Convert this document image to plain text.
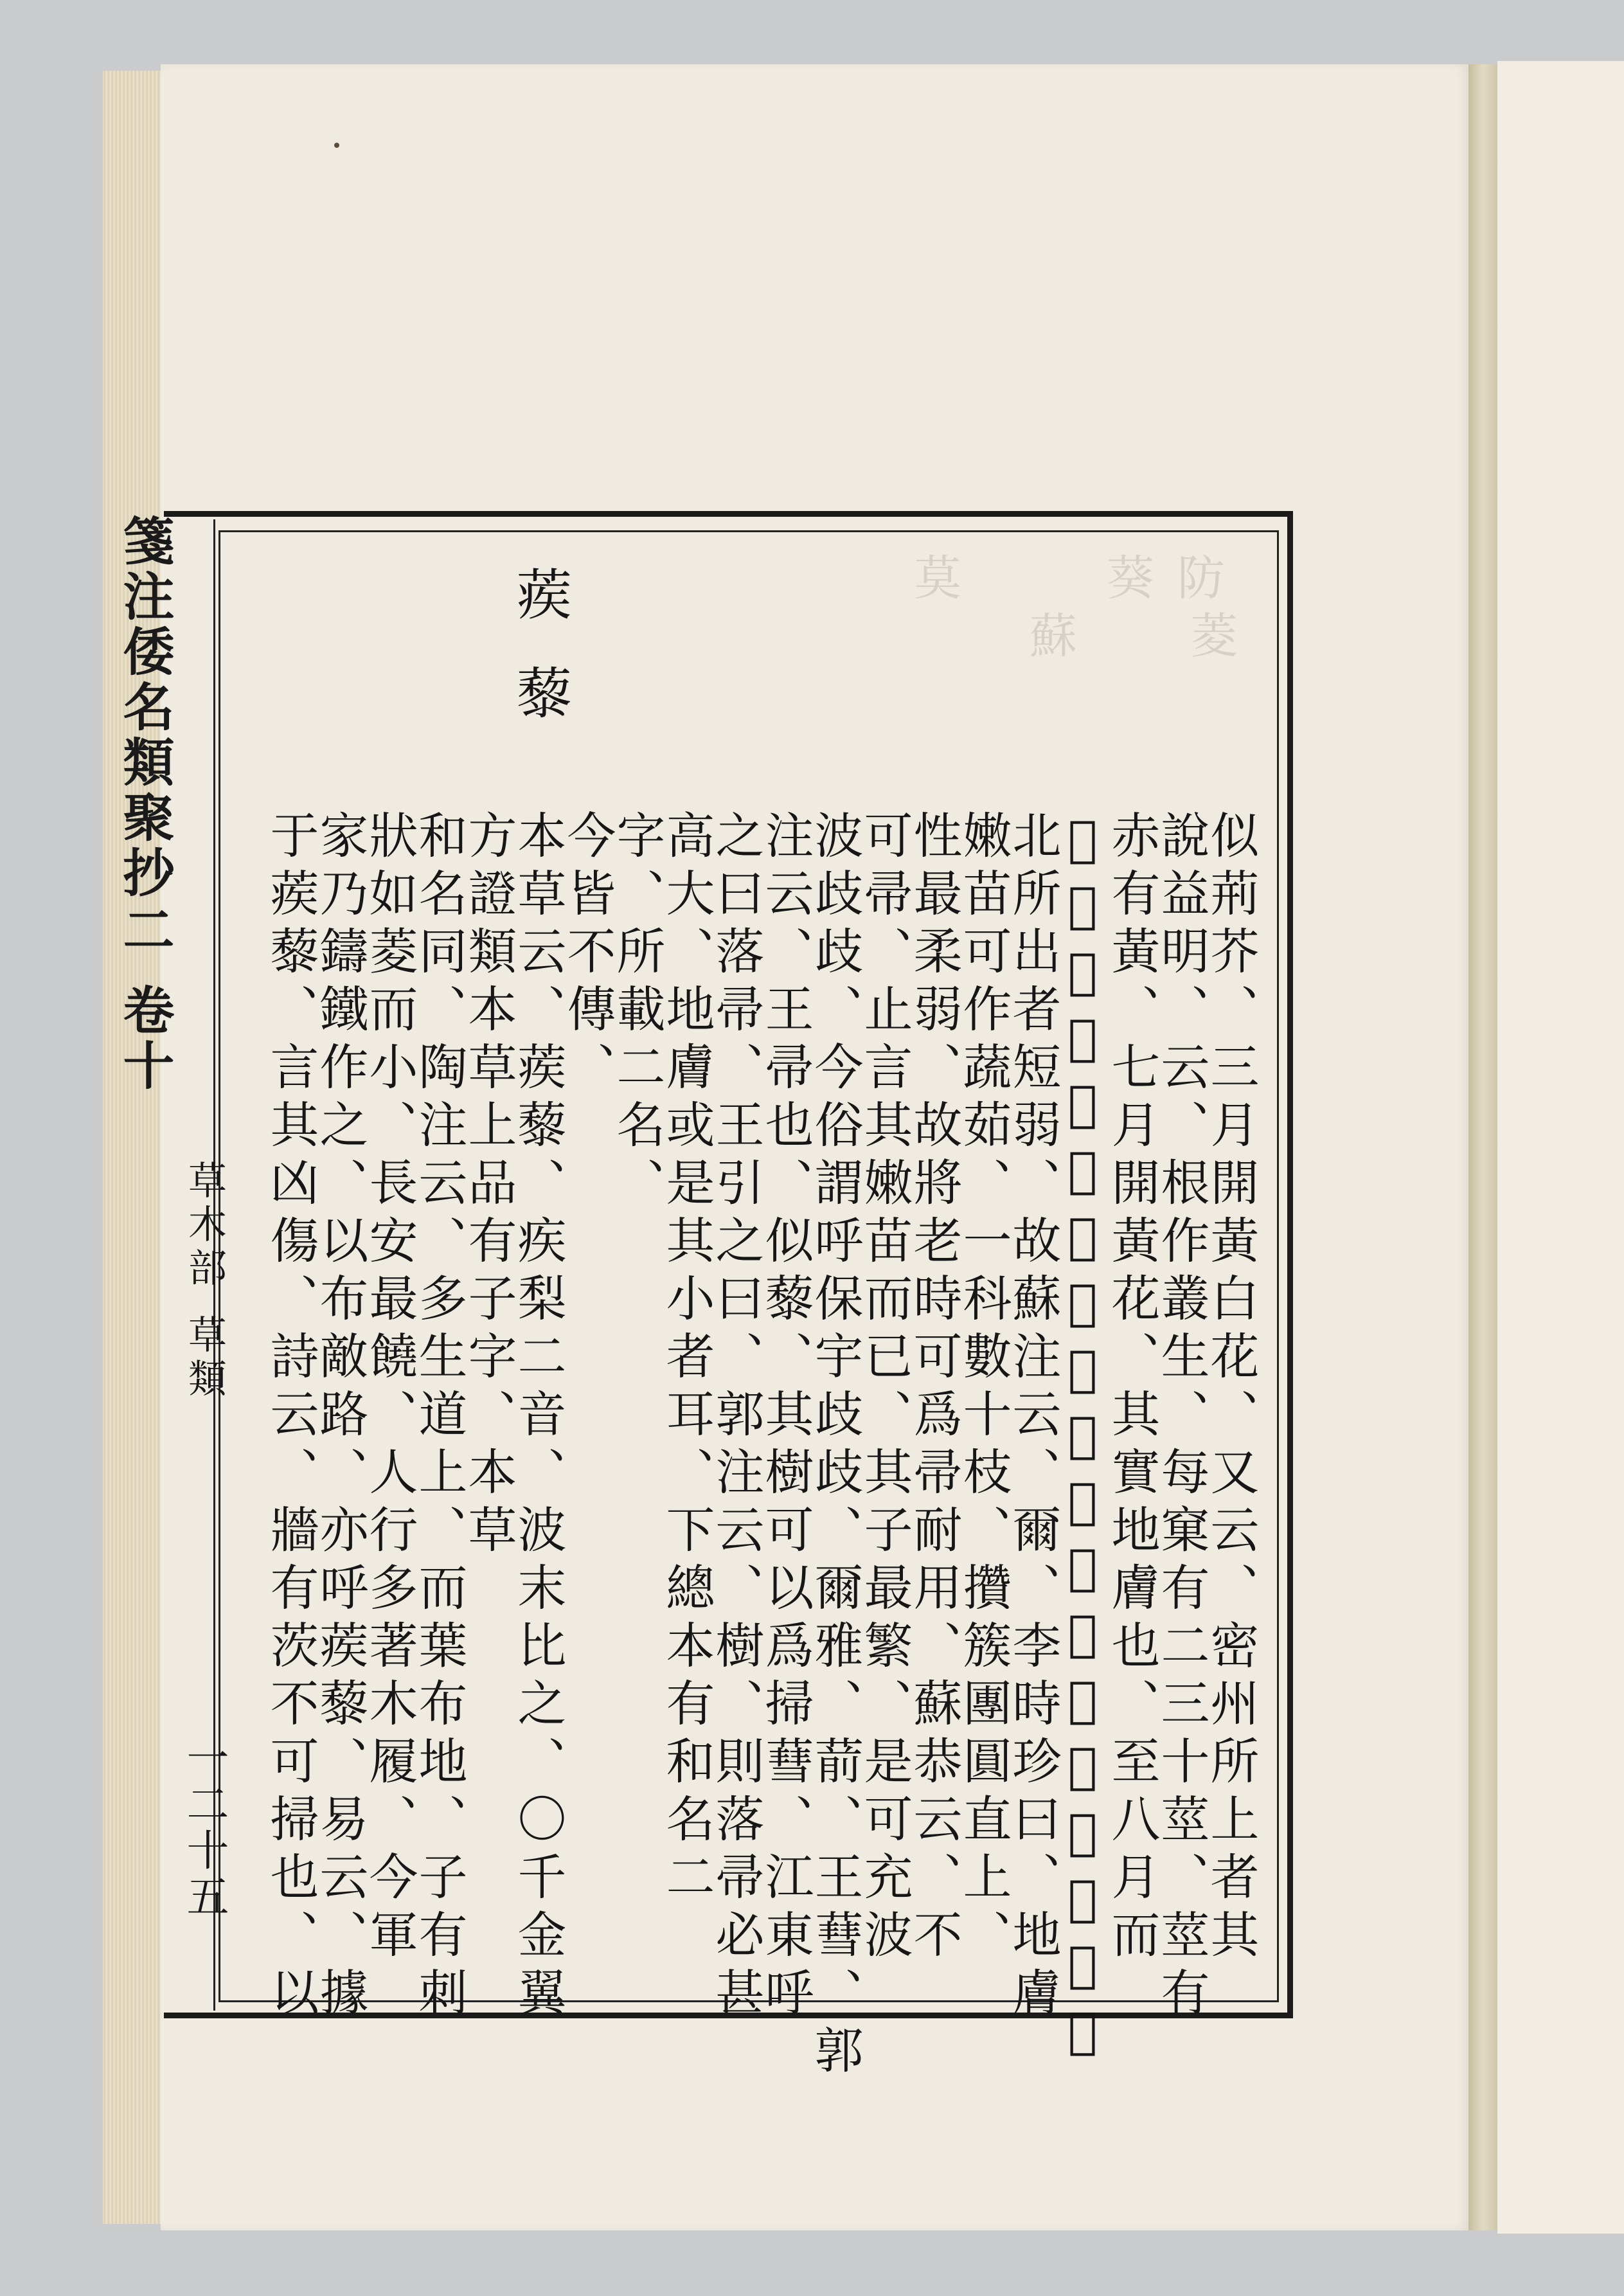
防
葵
莫
蘇 菱
箋注倭名類聚抄
二
卷十
草木部
草類
一二十五
蒺 藜
似荊芥、三月開黃白花、又云、密州所上者其
說益明、云、根作叢生、每窠有二三十莖、莖有
赤有黃、七月開黃花、其實地膚也、至八月而
𦾐蒔成可採、正與此地獨掃相類、若然恐西
北所出者短弱、故蘇注云、爾、李時珍曰、地膚
嫩苗可作蔬茹、一科數十枝、攢簇團圓直上、
性最柔弱、故將老時可爲帚耐用、蘇恭云、不
可帚、止言其嫩苗而已、其子最繁、是可充波
波歧歧、今俗謂呼保宇歧歧、爾雅、葥、王蔧、郭
注云、王帚也、似藜、其樹可以爲掃蔧、江東呼
之曰落帚、王引之曰、郭注云、樹、則落帚必甚
高大、地膚或是其小者耳、下總本有和名二
字、所載二名、
今皆不傳、
本草云、蒺藜、疾梨二音、波末比之、〇千金翼
方證類本草上品有子字、本草
和名同、陶注云、多生道上、而葉布地、子有刺
狀如菱而小、長安最饒、人行多著木履、今軍
家乃鑄鐵作之、以布敵路、亦呼蒺藜、易云、據
于蒺藜、言其凶傷、詩云、牆有茨不可掃也、以
